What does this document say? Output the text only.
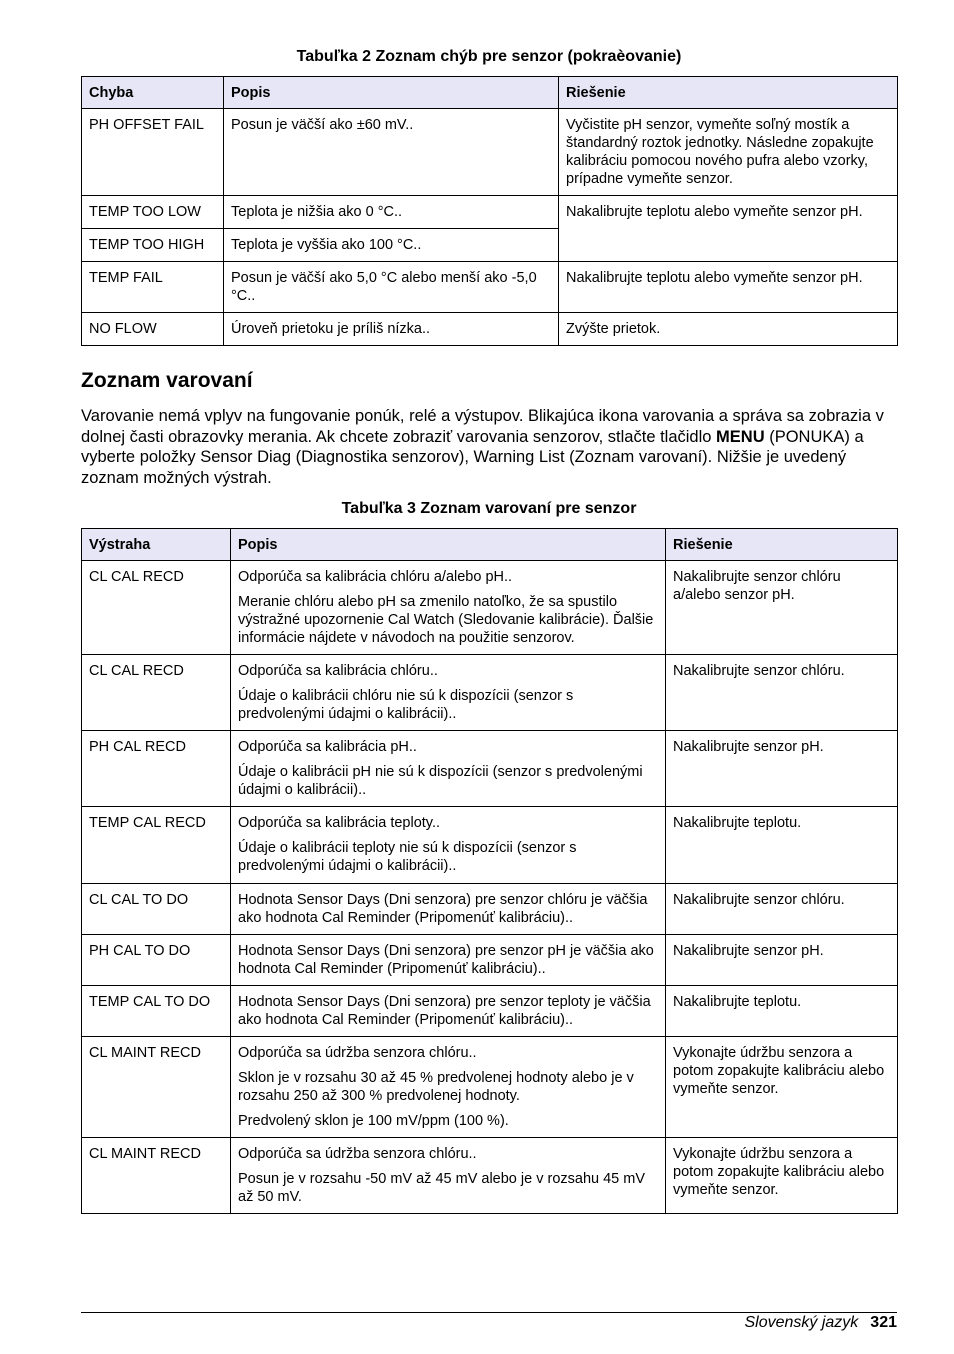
Tabuľka 2 Zoznam chýb pre senzor (pokraèovanie)
Chyba	Popis	Riešenie
PH OFFSET FAIL	Posun je väčší ako ±60 mV..	Vyčistite pH senzor, vymeňte soľný mostík a štandardný roztok jednotky. Následne zopakujte kalibráciu pomocou nového pufra alebo vzorky, prípadne vymeňte senzor.
TEMP TOO LOW	Teplota je nižšia ako 0 °C..	Nakalibrujte teplotu alebo vymeňte senzor pH.
TEMP TOO HIGH	Teplota je vyššia ako 100 °C..	
TEMP FAIL	Posun je väčší ako 5,0 °C alebo menší ako -5,0 °C..	Nakalibrujte teplotu alebo vymeňte senzor pH.
NO FLOW	Úroveň prietoku je príliš nízka..	Zvýšte prietok.
Zoznam varovaní

Varovanie nemá vplyv na fungovanie ponúk, relé a výstupov. Blikajúca ikona varovania a správa sa zobrazia v dolnej časti obrazovky merania. Ak chcete zobraziť varovania senzorov, stlačte tlačidlo MENU (PONUKA) a vyberte položky Sensor Diag (Diagnostika senzorov), Warning List (Zoznam varovaní). Nižšie je uvedený zoznam možných výstrah.

Tabuľka 3 Zoznam varovaní pre senzor
Výstraha	Popis	Riešenie
CL CAL RECD	Odporúča sa kalibrácia chlóru a/alebo pH..

Meranie chlóru alebo pH sa zmenilo natoľko, že sa spustilo výstražné upozornenie Cal Watch (Sledovanie kalibrácie). Ďalšie informácie nájdete v návodoch na použitie senzorov.	Nakalibrujte senzor chlóru a/alebo senzor pH.
CL CAL RECD	Odporúča sa kalibrácia chlóru..

Údaje o kalibrácii chlóru nie sú k dispozícii (senzor s predvolenými údajmi o kalibrácii)..	Nakalibrujte senzor chlóru.
PH CAL RECD	Odporúča sa kalibrácia pH..

Údaje o kalibrácii pH nie sú k dispozícii (senzor s predvolenými údajmi o kalibrácii)..	Nakalibrujte senzor pH.
TEMP CAL RECD	Odporúča sa kalibrácia teploty..

Údaje o kalibrácii teploty nie sú k dispozícii (senzor s predvolenými údajmi o kalibrácii)..	Nakalibrujte teplotu.
CL CAL TO DO	Hodnota Sensor Days (Dni senzora) pre senzor chlóru je väčšia ako hodnota Cal Reminder (Pripomenúť kalibráciu)..	Nakalibrujte senzor chlóru.
PH CAL TO DO	Hodnota Sensor Days (Dni senzora) pre senzor pH je väčšia ako hodnota Cal Reminder (Pripomenúť kalibráciu)..	Nakalibrujte senzor pH.
TEMP CAL TO DO	Hodnota Sensor Days (Dni senzora) pre senzor teploty je väčšia ako hodnota Cal Reminder (Pripomenúť kalibráciu)..	Nakalibrujte teplotu.
CL MAINT RECD	Odporúča sa údržba senzora chlóru..

Sklon je v rozsahu 30 až 45 % predvolenej hodnoty alebo je v rozsahu 250 až 300 % predvolenej hodnoty.

Predvolený sklon je 100 mV/ppm (100 %).	Vykonajte údržbu senzora a potom zopakujte kalibráciu alebo vymeňte senzor.
CL MAINT RECD	Odporúča sa údržba senzora chlóru..

Posun je v rozsahu -50 mV až 45 mV alebo je v rozsahu 45 mV až 50 mV.	Vykonajte údržbu senzora a potom zopakujte kalibráciu alebo vymeňte senzor.
Slovenský jazyk 321
